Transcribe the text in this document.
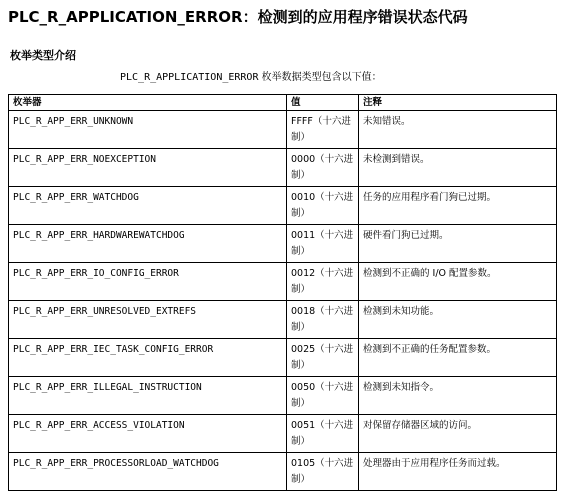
PLC_R_APPLICATION_ERROR：检测到的应用程序错误状态代码
枚举类型介绍
PLC_R_APPLICATION_ERROR 枚举数据类型包含以下值：
枚举器	值	注释
PLC_R_APP_ERR_UNKNOWN	FFFF（十六进制）	未知错误。
PLC_R_APP_ERR_NOEXCEPTION	0000（十六进制）	未检测到错误。
PLC_R_APP_ERR_WATCHDOG	0010（十六进制）	任务的应用程序看门狗已过期。
PLC_R_APP_ERR_HARDWAREWATCHDOG	0011（十六进制）	硬件看门狗已过期。
PLC_R_APP_ERR_IO_CONFIG_ERROR	0012（十六进制）	检测到不正确的 I/O 配置参数。
PLC_R_APP_ERR_UNRESOLVED_EXTREFS	0018（十六进制）	检测到未知功能。
PLC_R_APP_ERR_IEC_TASK_CONFIG_ERROR	0025（十六进制）	检测到不正确的任务配置参数。
PLC_R_APP_ERR_ILLEGAL_INSTRUCTION	0050（十六进制）	检测到未知指令。
PLC_R_APP_ERR_ACCESS_VIOLATION	0051（十六进制）	对保留存储器区域的访问。
PLC_R_APP_ERR_PROCESSORLOAD_WATCHDOG	0105（十六进制）	处理器由于应用程序任务而过载。
